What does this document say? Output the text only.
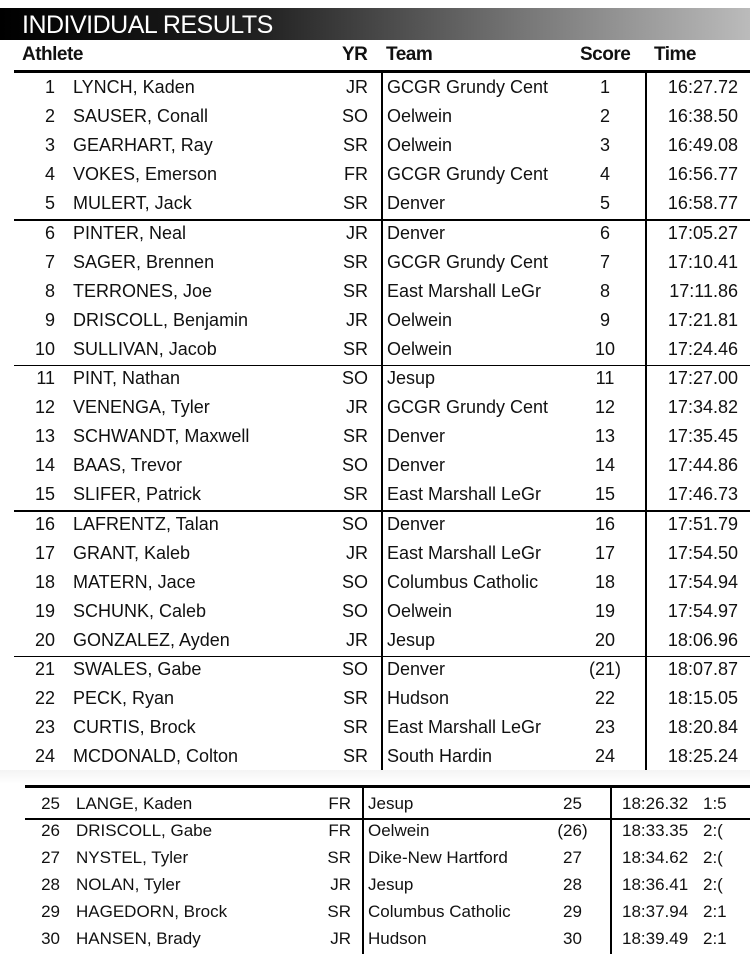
INDIVIDUAL RESULTS
Athlete	YR Team	Score Time
1 LYNCH, Kaden	JR GCGR Grundy Cent	1	16:27.72
2 SAUSER, Conall	SO Oelwein	2	16:38.50
3 GEARHART, Ray	SR Oelwein	3	16:49.08
4 VOKES, Emerson	FR GCGR Grundy Cent	4	16:56.77
5 MULERT, Jack	SR Denver	5	16:58.77
6 PINTER, Neal	JR Denver	6	17:05.27
7 SAGER, Brennen	SR GCGR Grundy Cent	7	17:10.41
8 TERRONES, Joe	SR East Marshall LeGr	8	17:11.86
9 DRISCOLL, Benjamin	JR Oelwein	9	17:21.81
10 SULLIVAN, Jacob	SR Oelwein	10	17:24.46
11 PINT, Nathan	SO Jesup	11	17:27.00
12 VENENGA, Tyler	JR GCGR Grundy Cent	12	17:34.82
13 SCHWANDT, Maxwell	SR Denver	13	17:35.45
14 BAAS, Trevor	SO Denver	14	17:44.86
15 SLIFER, Patrick	SR East Marshall LeGr	15	17:46.73
16 LAFRENTZ, Talan	SO Denver	16	17:51.79
17 GRANT, Kaleb	JR East Marshall LeGr	17	17:54.50
18 MATERN, Jace	SO Columbus Catholic	18	17:54.94
19 SCHUNK, Caleb	SO Oelwein	19	17:54.97
20 GONZALEZ, Ayden	JR Jesup	20	18:06.96
21 SWALES, Gabe	SO Denver	(21)	18:07.87
22 PECK, Ryan	SR Hudson	22	18:15.05
23 CURTIS, Brock	SR East Marshall LeGr	23	18:20.84
24 MCDONALD, Colton	SR South Hardin	24	18:25.24
25 LANGE, Kaden	FR Jesup	25	18:26.32 1:5
26 DRISCOLL, Gabe	FR Oelwein	(26)	18:33.35 2:(
27 NYSTEL, Tyler	SR Dike-New Hartford	27	18:34.62 2:(
28 NOLAN, Tyler	JR Jesup	28	18:36.41 2:(
29 HAGEDORN, Brock	SR Columbus Catholic	29	18:37.94 2:1
30 HANSEN, Brady	JR Hudson	30	18:39.49 2:1
